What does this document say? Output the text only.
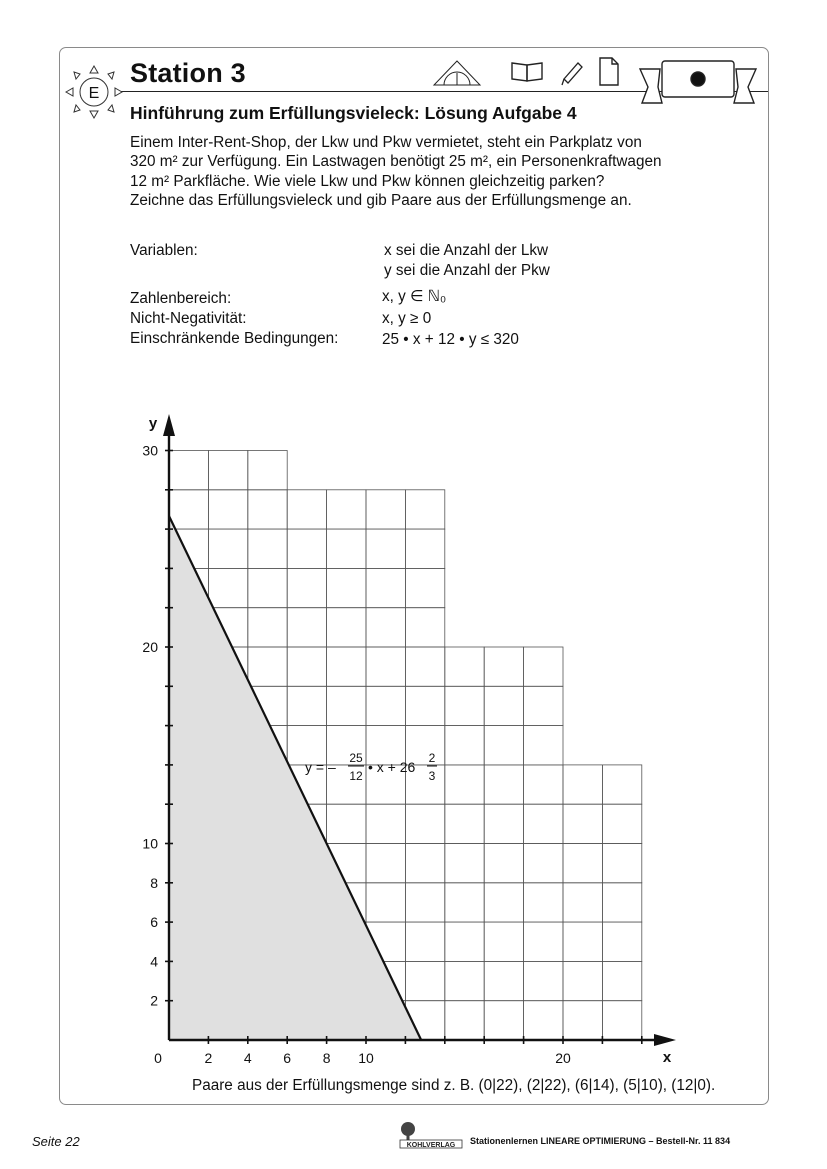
E
Station 3
Hinführung zum Erfüllungsvieleck: Lösung Aufgabe 4
Einem Inter-Rent-Shop, der Lkw und Pkw vermietet, steht ein Parkplatz von
320 m² zur Verfügung. Ein Lastwagen benötigt 25 m², ein Personenkraftwagen
12 m² Parkfläche. Wie viele Lkw und Pkw können gleichzeitig parken?
Zeichne das Erfüllungsvieleck und gib Paare aus der Erfüllungsmenge an.
Variablen:	x sei die Anzahl der Lkw
y sei die Anzahl der Pkw
Zahlenbereich:	x, y ∈ ℕ₀
Nicht-Negativität:	x, y ≥ 0
Einschränkende Bedingungen:	25 • x + 12 • y ≤ 320
0	2 4 6 8 10	20
30
20
10
8
6
4
2
x
y
y = –
25
12
• x + 26
2
3
Paare aus der Erfüllungsmenge sind z. B. (0|22), (2|22), (6|14), (5|10), (12|0).
Seite 22	KOHLVERLAG Stationenlernen LINEARE OPTIMIERUNG – Bestell-Nr. 11 834
